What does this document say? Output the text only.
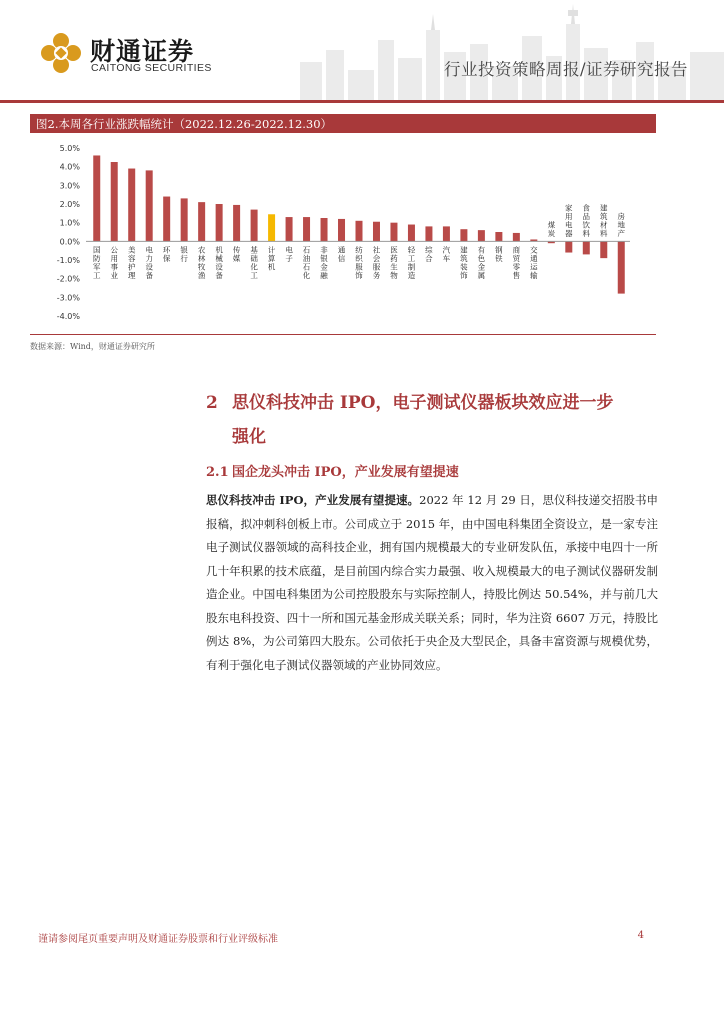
财通证券
CAITONG SECURITIES	行业投资策略周报/证券研究报告
图2.本周各行业涨跌幅统计（2022.12.26-2022.12.30）
5.0%
4.0%
3.0%
2.0%
1.0%
0.0%
-1.0%
-2.0%
-3.0%
-4.0%
国防军工
公用事业
美容护理
电力设备
环保
银行
农林牧渔
机械设备
传媒
基础化工
计算机
电子
石油石化
非银金融
通信
纺织服饰
社会服务
医药生物
轻工制造
综合
汽车
建筑装饰
有色金属
钢铁
商贸零售
交通运输
煤炭
家用电器
食品饮料
建筑材料
房地产
数据来源：Wind，财通证券研究所
2 思仪科技冲击 IPO，电子测试仪器板块效应进一步
强化
2.1 国企龙头冲击 IPO，产业发展有望提速
思仪科技冲击 IPO，产业发展有望提速。2022 年 12 月 29 日，思仪科技递交招股书申报稿，拟冲刺科创板上市。公司成立于 2015 年，由中国电科集团全资设立，是一家专注电子测试仪器领域的高科技企业，拥有国内规模最大的专业研发队伍，承接中电四十一所几十年积累的技术底蕴，是目前国内综合实力最强、收入规模最大的电子测试仪器研发制造企业。中国电科集团为公司控股股东与实际控制人，持股比例达 50.54%，并与前几大股东电科投资、四十一所和国元基金形成关联关系；同时，华为注资 6607 万元，持股比例达 8%，为公司第四大股东。公司依托于央企及大型民企，具备丰富资源与规模优势，有利于强化电子测试仪器领域的产业协同效应。
谨请参阅尾页重要声明及财通证券股票和行业评级标准	4
